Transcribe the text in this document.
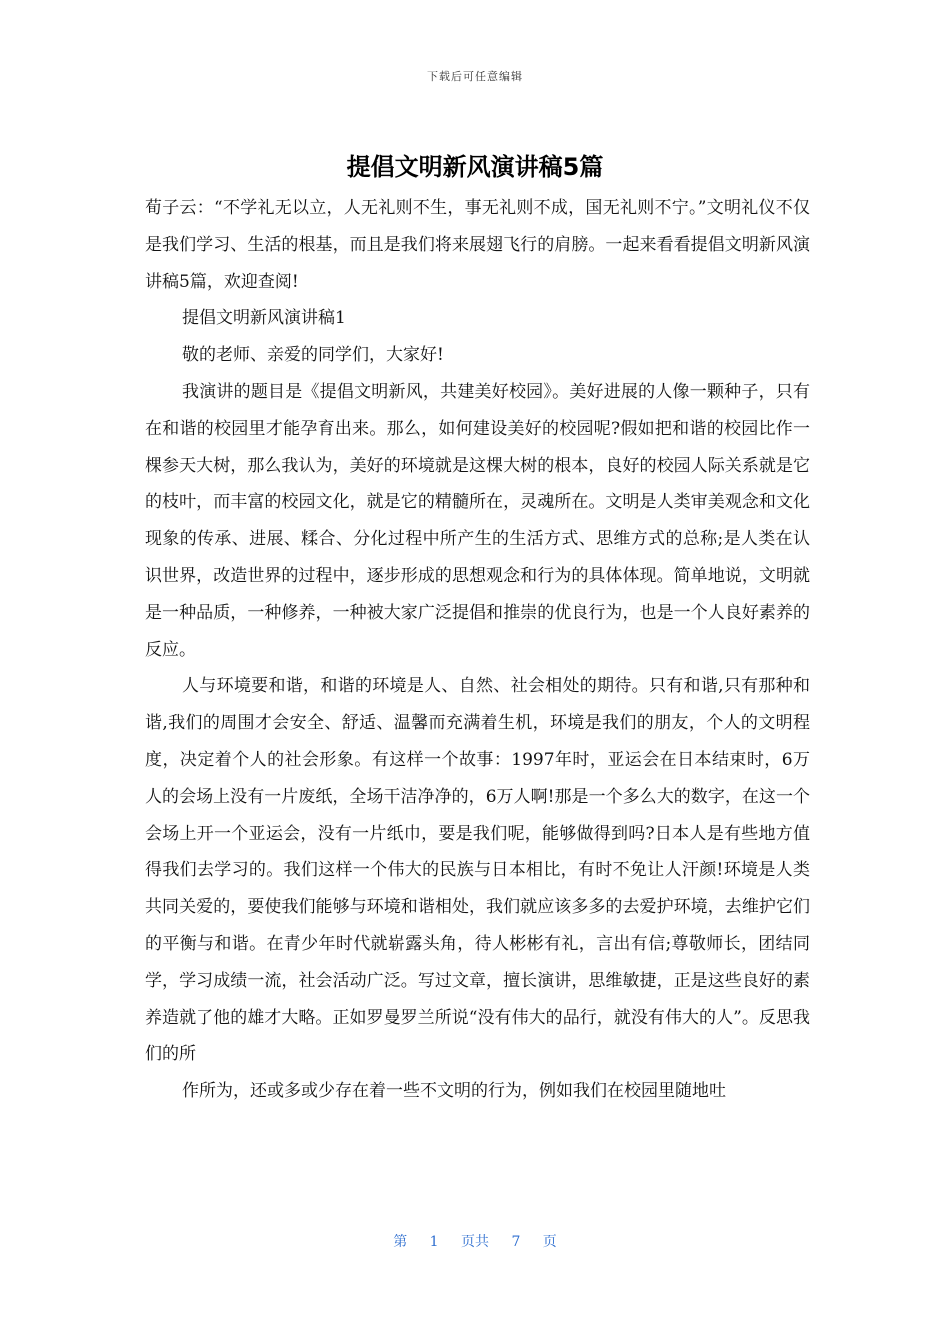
下载后可任意编辑
提倡文明新风演讲稿5篇

荀子云：“不学礼无以立，人无礼则不生，事无礼则不成，国无礼则不宁。”文明礼仪不仅是我们学习、生活的根基，而且是我们将来展翅飞行的肩膀。一起来看看提倡文明新风演讲稿5篇，欢迎查阅!

提倡文明新风演讲稿1

敬的老师、亲爱的同学们，大家好!

我演讲的题目是《提倡文明新风，共建美好校园》。美好进展的人像一颗种子，只有在和谐的校园里才能孕育出来。那么，如何建设美好的校园呢?假如把和谐的校园比作一棵参天大树，那么我认为，美好的环境就是这棵大树的根本，良好的校园人际关系就是它的枝叶，而丰富的校园文化，就是它的精髓所在，灵魂所在。文明是人类审美观念和文化现象的传承、进展、糅合、分化过程中所产生的生活方式、思维方式的总称;是人类在认识世界，改造世界的过程中，逐步形成的思想观念和行为的具体体现。简单地说，文明就是一种品质，一种修养，一种被大家广泛提倡和推崇的优良行为，也是一个人良好素养的反应。

人与环境要和谐，和谐的环境是人、自然、社会相处的期待。只有和谐,只有那种和谐,我们的周围才会安全、舒适、温馨而充满着生机，环境是我们的朋友，个人的文明程度，决定着个人的社会形象。有这样一个故事：1997年时，亚运会在日本结束时，6万人的会场上没有一片废纸，全场干洁净净的，6万人啊!那是一个多么大的数字，在这一个会场上开一个亚运会，没有一片纸巾，要是我们呢，能够做得到吗?日本人是有些地方值得我们去学习的。我们这样一个伟大的民族与日本相比，有时不免让人汗颜!环境是人类共同关爱的，要使我们能够与环境和谐相处，我们就应该多多的去爱护环境，去维护它们的平衡与和谐。在青少年时代就崭露头角，待人彬彬有礼，言出有信;尊敬师长，团结同学，学习成绩一流，社会活动广泛。写过文章，擅长演讲，思维敏捷，正是这些良好的素养造就了他的雄才大略。正如罗曼罗兰所说“没有伟大的品行，就没有伟大的人”。反思我们的所

作所为，还或多或少存在着一些不文明的行为，例如我们在校园里随地吐

第 1 页共 7 页
